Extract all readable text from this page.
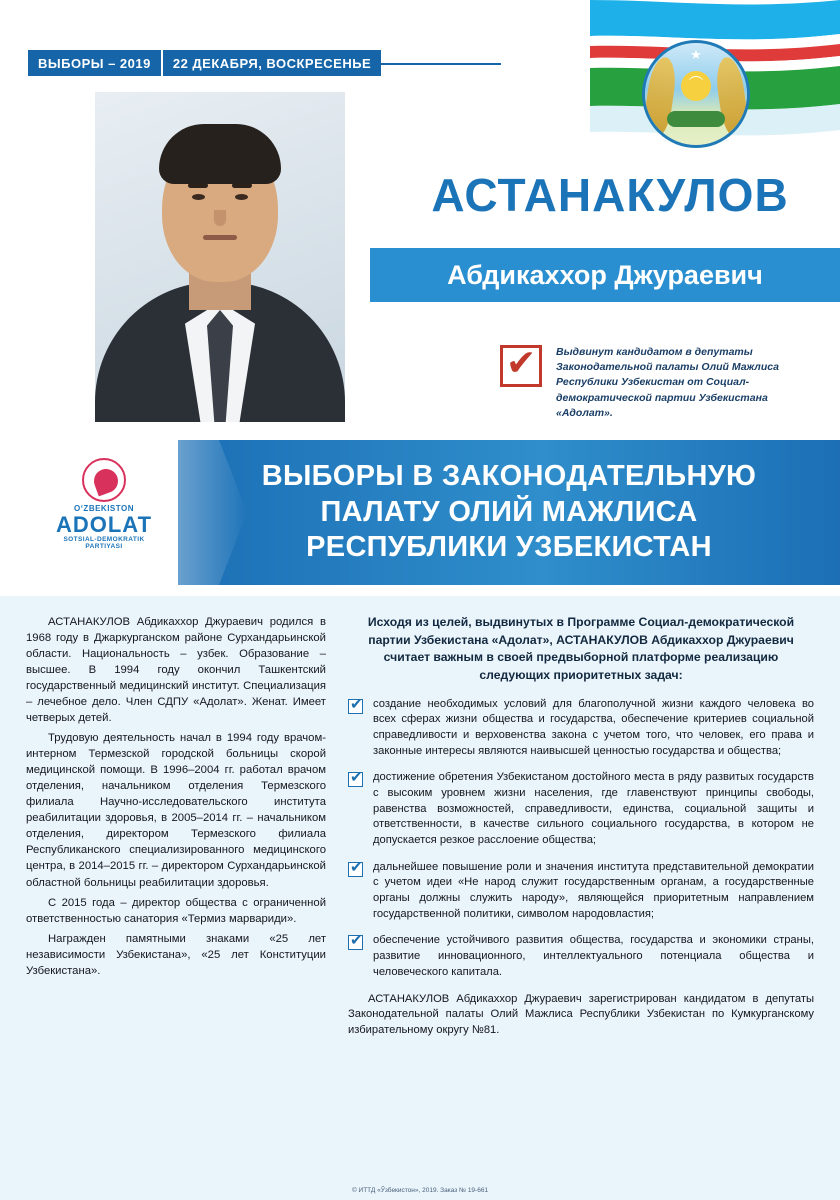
★
︵
ВЫБОРЫ – 2019	22 ДЕКАБРЯ, ВОСКРЕСЕНЬЕ
АСТАНАКУЛОВ
Абдикаххор Джураевич
✔

Выдвинут кандидатом в депутаты Законодательной палаты Олий Мажлиса Республики Узбекистан от Социал-демократической партии Узбекистана «Адолат».

O‘ZBEKISTON
ADOLAT
SOTSIAL-DEMOKRATIK
PARTIYASI
ВЫБОРЫ В ЗАКОНОДАТЕЛЬНУЮ
ПАЛАТУ ОЛИЙ МАЖЛИСА
РЕСПУБЛИКИ УЗБЕКИСТАН

АСТАНАКУЛОВ Абдикаххор Джураевич родился в 1968 году в Джаркурганском районе Сурхандарьинской области. Национальность – узбек. Образование – высшее. В 1994 году окончил Ташкентский государственный медицинский институт. Специализация – лечебное дело. Член СДПУ «Адолат». Женат. Имеет четверых детей.

Трудовую деятельность начал в 1994 году врачом-интерном Термезской городской больницы скорой медицинской помощи. В 1996–2004 гг. работал врачом отделения, начальником отделения Термезского филиала Научно-исследовательского института реабилитации здоровья, в 2005–2014 гг. – начальником отделения, директором Термезского филиала Республиканского специализированного медицинского центра, в 2014–2015 гг. – директором Сурхандарьинской областной больницы реабилитации здоровья.

С 2015 года – директор общества с ограниченной ответственностью санатория «Термиз марвариди».

Награжден памятными знаками «25 лет независимости Узбекистана», «25 лет Конституции Узбекистана».

Исходя из целей, выдвинутых в Программе Социал-демократической партии Узбекистана «Адолат», АСТАНАКУЛОВ Абдикаххор Джураевич считает важным в своей предвыборной платформе реализацию следующих приоритетных задач:

✔

создание необходимых условий для благополучной жизни каждого человека во всех сферах жизни общества и государства, обеспечение критериев социальной справедливости и верховенства закона с учетом того, что человек, его права и законные интересы являются наивысшей ценностью государства и общества;

✔

достижение обретения Узбекистаном достойного места в ряду развитых государств с высоким уровнем жизни населения, где главенствуют принципы свободы, равенства возможностей, справедливости, единства, социальной защиты и ответственности, в качестве сильного социального государства, в котором не допускается резкое расслоение общества;

✔

дальнейшее повышение роли и значения института представительной демократии с учетом идеи «Не народ служит государственным органам, а государственные органы должны служить народу», являющейся приоритетным направлением государственной политики, символом народовластия;

✔

обеспечение устойчивого развития общества, государства и экономики страны, развитие инновационного, интеллектуального потенциала общества и человеческого капитала.

АСТАНАКУЛОВ Абдикаххор Джураевич зарегистрирован кандидатом в депутаты Законодательной палаты Олий Мажлиса Республики Узбекистан по Кумкурганскому избирательному округу №81.

© ИТТД «Ўзбекистон», 2019. Заказ № 19-661
